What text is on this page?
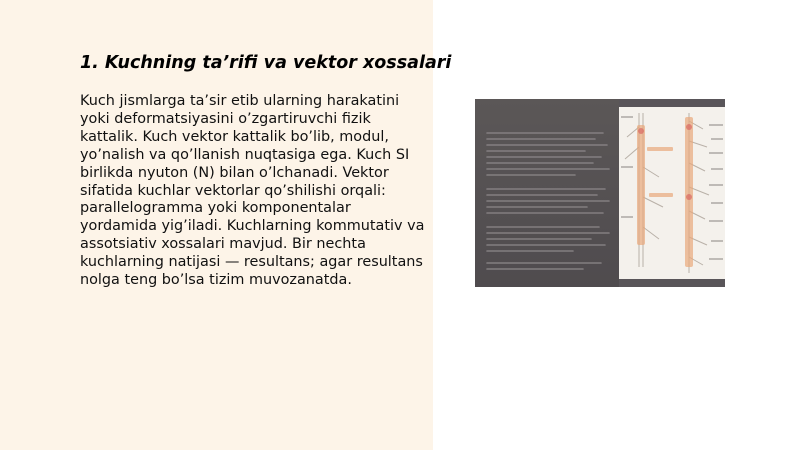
1. Kuchning ta’rifi va vektor xossalari

Kuch jismlarga ta’sir etib ularning harakatini yoki deformatsiyasini o’zgartiruvchi fizik kattalik. Kuch vektor kattalik bo’lib, modul, yo’nalish va qo’llanish nuqtasiga ega. Kuch SI birlikda nyuton (N) bilan o’lchanadi. Vektor sifatida kuchlar vektorlar qo’shilishi orqali: parallelogramma yoki komponentalar yordamida yig’iladi. Kuchlarning kommutativ va assotsiativ xossalari mavjud. Bir nechta kuchlarning natijasi — resultans; agar resultans nolga teng bo’lsa tizim muvozanatda.
